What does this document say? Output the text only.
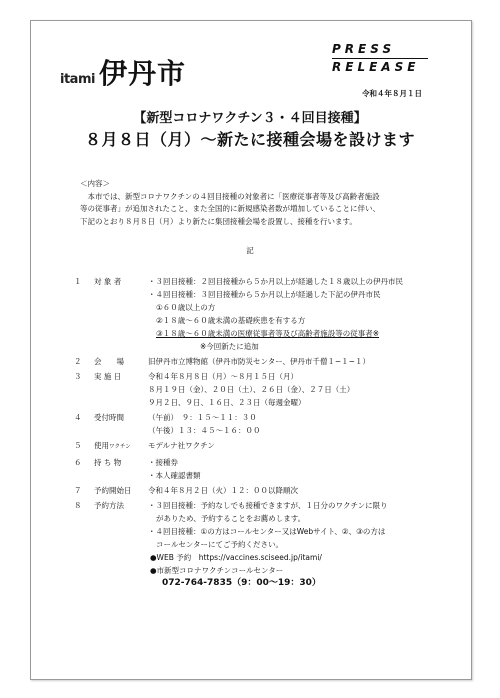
itami 伊丹市
PRESS
RELEASE
令和４年８月１日
【新型コロナワクチン３・４回目接種】
８月８日（月）〜新たに接種会場を設けます

＜内容＞

　本市では、新型コロナワクチンの４回目接種の対象者に「医療従事者等及び高齢者施設

等の従事者」が追加されたこと、また全国的に新規感染者数が増加していることに伴い、

下記のとおり８月８日（月）より新たに集団接種会場を設置し、接種を行います。

記
１	対 象 者	・３回目接種：２回目接種から５か月以上が経過した１８歳以上の伊丹市民
・４回目接種：３回目接種から５か月以上が経過した下記の伊丹市民
①６０歳以上の方
②１８歳〜６０歳未満の基礎疾患を有する方
③１８歳〜６０歳未満の医療従事者等及び高齢者施設等の従事者※
※今回新たに追加
２	会　　場	旧伊丹市立博物館（伊丹市防災センター、伊丹市千僧１−１−１）
３	実 施 日	令和４年８月８日（月）〜８月１５日（月）
８月１９日（金）、２０日（土）、２６日（金）、２７日（土）
９月２日、９日、１６日、２３日（毎週金曜）
４	受付時間	（午前）　９：１５〜１１：３０
（午後）１３：４５〜１６：００
５	使用ワクチン	モデルナ社ワクチン
６	持 ち 物	・接種券
・本人確認書類
７	予約開始日	令和４年８月２日（火）１２：００以降順次
８	予約方法	・３回目接種：予約なしでも接種できますが、１日分のワクチンに限り
がありため、予約することをお薦めします。
・４回目接種：①の方はコールセンター又はWebサイト、②、③の方は
コールセンターにてご予約ください。
●WEB 予約　https://vaccines.sciseed.jp/itami/
●市新型コロナワクチンコールセンター
072-764-7835（9：00〜19：30）
